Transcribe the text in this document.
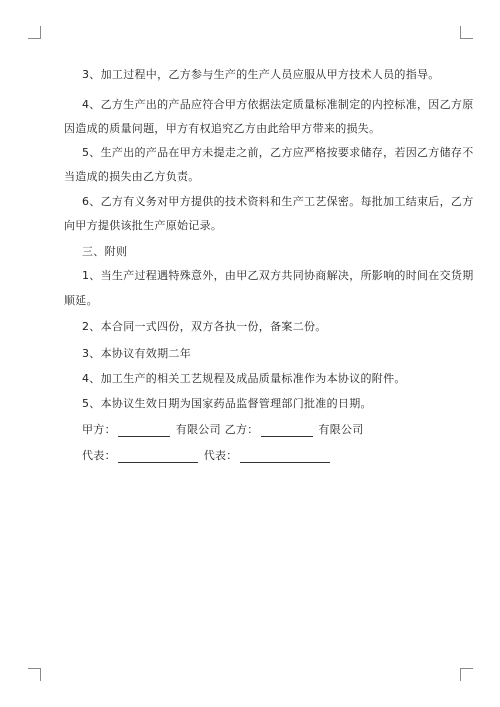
3、加工过程中，乙方参与生产的生产人员应服从甲方技术人员的指导。
4、乙方生产出的产品应符合甲方依据法定质量标准制定的内控标准，因乙方原
因造成的质量问题，甲方有权追究乙方由此给甲方带来的损失。
5、生产出的产品在甲方未提走之前，乙方应严格按要求储存，若因乙方储存不
当造成的损失由乙方负责。
6、乙方有义务对甲方提供的技术资料和生产工艺保密。每批加工结束后，乙方
向甲方提供该批生产原始记录。
三、附则
1、当生产过程遇特殊意外，由甲乙双方共同协商解决，所影响的时间在交货期
顺延。
2、本合同一式四份，双方各执一份，备案二份。
3、本协议有效期二年
4、加工生产的相关工艺规程及成品质量标准作为本协议的附件。
5、本协议生效日期为国家药品监督管理部门批准的日期。
甲方：	有限公司 乙方：	有限公司
代表：	代表：
